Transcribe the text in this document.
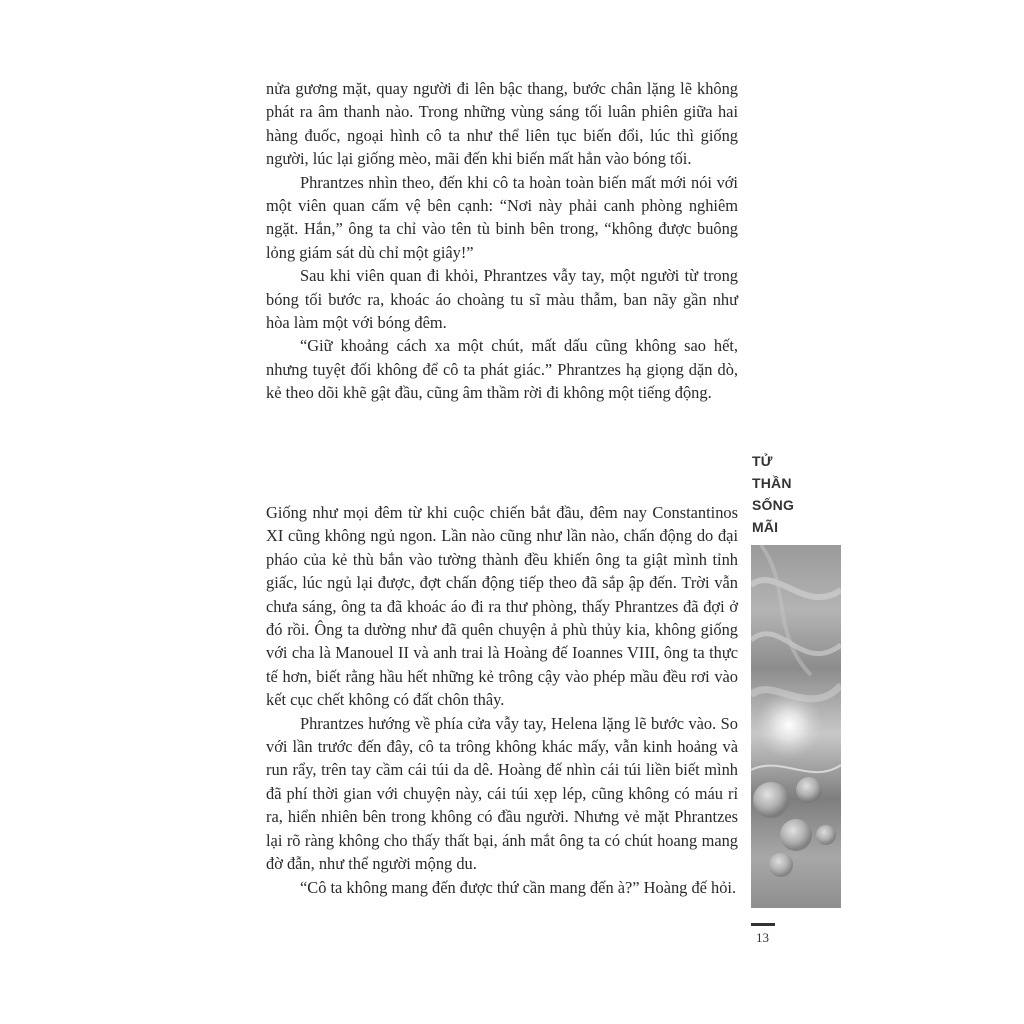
nửa gương mặt, quay người đi lên bậc thang, bước chân lặng lẽ không phát ra âm thanh nào. Trong những vùng sáng tối luân phiên giữa hai hàng đuốc, ngoại hình cô ta như thể liên tục biến đổi, lúc thì giống người, lúc lại giống mèo, mãi đến khi biến mất hẳn vào bóng tối.

Phrantzes nhìn theo, đến khi cô ta hoàn toàn biến mất mới nói với một viên quan cấm vệ bên cạnh: “Nơi này phải canh phòng nghiêm ngặt. Hắn,” ông ta chỉ vào tên tù binh bên trong, “không được buông lỏng giám sát dù chỉ một giây!”

Sau khi viên quan đi khỏi, Phrantzes vẫy tay, một người từ trong bóng tối bước ra, khoác áo choàng tu sĩ màu thẫm, ban nãy gần như hòa làm một với bóng đêm.

“Giữ khoảng cách xa một chút, mất dấu cũng không sao hết, nhưng tuyệt đối không để cô ta phát giác.” Phrantzes hạ giọng dặn dò, kẻ theo dõi khẽ gật đầu, cũng âm thầm rời đi không một tiếng động.

Giống như mọi đêm từ khi cuộc chiến bắt đầu, đêm nay Constantinos XI cũng không ngủ ngon. Lần nào cũng như lần nào, chấn động do đại pháo của kẻ thù bắn vào tường thành đều khiến ông ta giật mình tỉnh giấc, lúc ngủ lại được, đợt chấn động tiếp theo đã sắp ập đến. Trời vẫn chưa sáng, ông ta đã khoác áo đi ra thư phòng, thấy Phrantzes đã đợi ở đó rồi. Ông ta dường như đã quên chuyện ả phù thủy kia, không giống với cha là Manouel II và anh trai là Hoàng đế Ioannes VIII, ông ta thực tế hơn, biết rằng hầu hết những kẻ trông cậy vào phép mầu đều rơi vào kết cục chết không có đất chôn thây.

Phrantzes hướng về phía cửa vẫy tay, Helena lặng lẽ bước vào. So với lần trước đến đây, cô ta trông không khác mấy, vẫn kinh hoảng và run rẩy, trên tay cầm cái túi da dê. Hoàng đế nhìn cái túi liền biết mình đã phí thời gian với chuyện này, cái túi xẹp lép, cũng không có máu rỉ ra, hiển nhiên bên trong không có đầu người. Nhưng vẻ mặt Phrantzes lại rõ ràng không cho thấy thất bại, ánh mắt ông ta có chút hoang mang đờ đẫn, như thể người mộng du.

“Cô ta không mang đến được thứ cần mang đến à?” Hoàng đế hỏi.

TỬ
THẦN
SỐNG
MÃI
13
